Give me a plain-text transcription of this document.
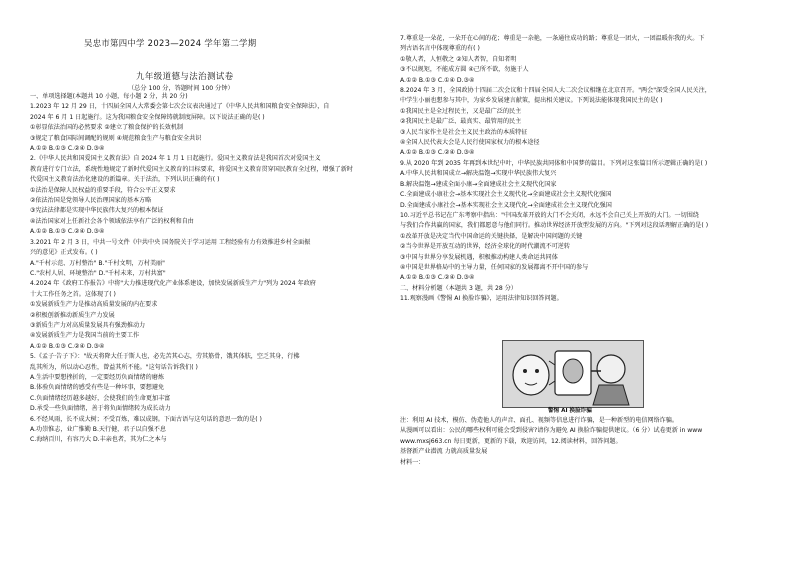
吴忠市第四中学 2023—2024 学年第二学期
九年级道德与法治测试卷
（总分 100 分，答题时间 100 分钟）
一、单项选择题(本题共 10 小题，每小题 2 分，共 20 分)
1.2023 年 12 月 29 日，十四届全国人大常委会第七次会议表决通过了《中华人民共和国粮食安全保障法》，自
2024 年 6 月 1 日起施行。这为我国粮食安全保障铸就制度屏障。以下说法正确的是( )
①彰显依法治国的必然要求 ②建立了粮食保护的长效机制
③规定了粮食国际间调配的规则 ④规范粮食生产与粮食安全共识
A.①② B.①③ C.②④ D.③④
2.《中华人民共和国爱国主义教育法》自 2024 年 1 月 1 日起施行。爱国主义教育法是我国首次对爱国主义
教育进行专门立法，系统性地规定了新时代爱国主义教育的目标要求，将爱国主义教育贯穿国民教育全过程，增强了新时
代爱国主义教育法治化建设的新篇章。关于法治，下列认识正确的有( )
①法治是保障人民权益的重要手段，符合公平正义要求
②依法治国是党领导人民治理国家的基本方略
③宪法法律都是实现中华民族伟大复兴的根本保证
④法治国家对上任新社会各个领域依法享有广泛的权利和自由
A.①② B.①③ C.②④ D.③④
3.2021 年 2 月 3 日，中共一号文件《中共中央 国务院关于学习运用 工程经验有力有效推进乡村全面振
兴的意见》正式发布。( )
A."千村示范、万村整治" B."千村文明，万村美丽"
C."农村人居、环境整治" D."千村未来，万村共富"
4.2024 年《政府工作报告》中将"大力推进现代化产业体系建设，加快发展新质生产力"列为 2024 年政府
十大工作任务之首。这体现了( )
①发展新质生产力是推动高质量发展的内在要求
②积极创新推动新质生产力发展
③新质生产力对高质量发展具有强劲推动力
④发展新质生产力是我国当前的主要工作
A.①② B.①③ C.②④ D.③④
5.《孟子·告子下》："故天将降大任于斯人也，必先苦其心志，劳其筋骨，饿其体肤，空乏其身，行拂
乱其所为，所以动心忍性，曾益其所不能。"这句话告诉我们( )
A.生活中要想挫折的，一定要经历负面情绪的磨炼
B.体验负面情绪的感受有些是一种坏事，要想避免
C.负面情绪经历越多越好，会使我们的生命更加丰富
D.承受一些负面情绪，善于将负面情绪转为成长动力
6.不经风雨，长不成大树；不受百炼，难以成钢。下面古语与这句话的意思一致的是( )
A.功崇惟志，业广惟勤 B.天行健，君子以自强不息
C.海纳百川，有容乃大 D.丰亲也者，其为仁之本与
7.尊重是一朵花，一朵开在心间的花；尊重是一杂艳，一条通往成功的路；尊重是一团火，一团温暖你我的火。下
列古语名言中体现尊重的有( )
①敬人者，人恒敬之 ②知人者智，自知者明
③不以规矩，不能成方圆 ④己所不欲，勿施于人
A.①② B.①③ C.①④ D.③④
8.2024 年 3 月，全国政协十四届二次会议和十四届全国人大二次会议相继在北京召开。"两会"深受全国人民关注，
中学生小丽也想参与其中，为家乡发展建言献策，提出相关建议。下列说法能体现我国民主的是( )
①我国民主是全过程民主，又是最广泛的民主
②我国民主是最广泛、最真实、最管用的民主
③人民当家作主是社会主义民主政治的本质特征
④全国人民代表大会是人民行使国家权力的根本途径
A.①② B.①③ C.②④ D.③④
9.从 2020 年到 2035 年再到本世纪中叶，中华民族共同体和中国梦的篇目。下列对这张篇目所示逻辑正确的是( )
A.中华人民共和国成立→解决温饱→实现中华民族伟大复兴
B.解决温饱→建成全面小康→全面建成社会主义现代化国家
C.全面建成小康社会→基本实现社会主义现代化→全面建成社会主义现代化强国
D.全面建成小康社会→基本实现社会主义现代化→全面建成社会主义现代化强国
10.习近平总书记在广东考察中指出："中国改革开放的大门不会关闭，永远不会自己关上开放的大门。一切围绕
与我们合作共赢的国家，我们都愿意与他们同行。推动世界经济开放型发展的方向。"下列对这段话理解正确的是( )
①改革开放是决定当代中国命运的关键抉择，是解决中国问题的关键
②当今世界是开放互动的世界，经济全球化的时代潮流不可逆转
③中国与世界分享发展机遇，积极推动构建人类命运共同体
④中国是世界格局中的主导力量，任何国家的发展都离不开中国的参与
A.①② B.①③ C.②④ D.③④
二、材料分析题（本题共 3 题，共 28 分）
11.观察漫画《警惕 AI 换脸诈骗》，运用法律知识回答问题。
警惕 AI 换脸诈骗
注：利用 AI 技术，模仿、伪造他人的声音、面孔、视频等信息进行诈骗，是一种新型的电信网络诈骗。
从漫画可以看出：公民的哪些权利可能会受到侵害?请你为避免 AI 换脸诈骗提供建议。（6 分）试卷更新 in www
www.mxsj663.cn 每日更新，更新的下载，欢迎访问，12.阅读材料，回答问题。
基督新产业潜流 力就高质量发展
材料一：
